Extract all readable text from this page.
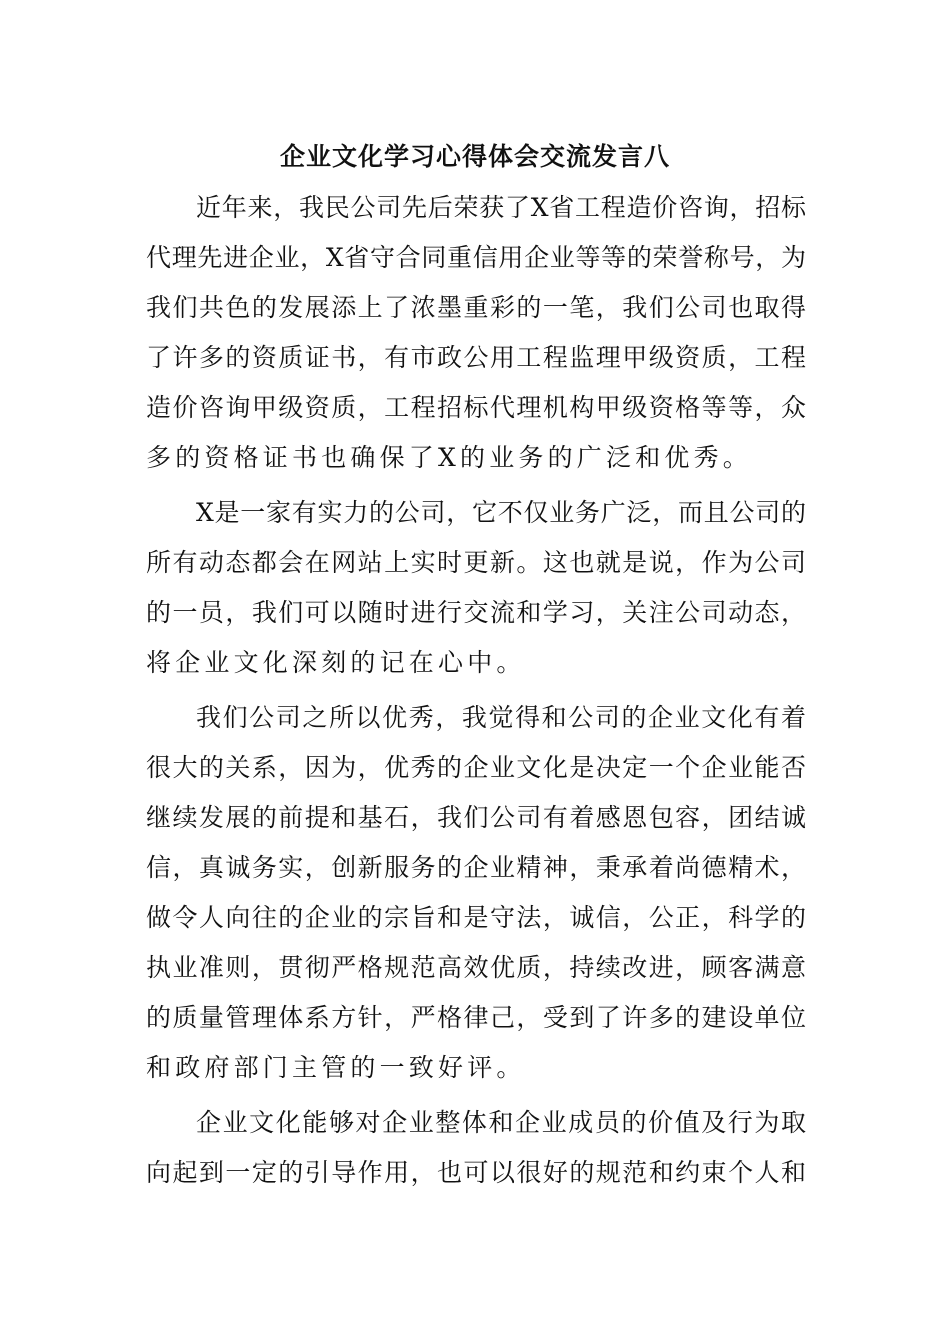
企业文化学习心得体会交流发言八
近年来，我民公司先后荣获了X省工程造价咨询，招标
代理先进企业，X省守合同重信用企业等等的荣誉称号，为
我们共色的发展添上了浓墨重彩的一笔，我们公司也取得
了许多的资质证书，有市政公用工程监理甲级资质，工程
造价咨询甲级资质，工程招标代理机构甲级资格等等，众
多的资格证书也确保了X的业务的广泛和优秀。
X是一家有实力的公司，它不仅业务广泛，而且公司的
所有动态都会在网站上实时更新。这也就是说，作为公司
的一员，我们可以随时进行交流和学习，关注公司动态，
将企业文化深刻的记在心中。
我们公司之所以优秀，我觉得和公司的企业文化有着
很大的关系，因为，优秀的企业文化是决定一个企业能否
继续发展的前提和基石，我们公司有着感恩包容，团结诚
信，真诚务实，创新服务的企业精神，秉承着尚德精术，
做令人向往的企业的宗旨和是守法，诚信，公正，科学的
执业准则，贯彻严格规范高效优质，持续改进，顾客满意
的质量管理体系方针，严格律己，受到了许多的建设单位
和政府部门主管的一致好评。
企业文化能够对企业整体和企业成员的价值及行为取
向起到一定的引导作用，也可以很好的规范和约束个人和
